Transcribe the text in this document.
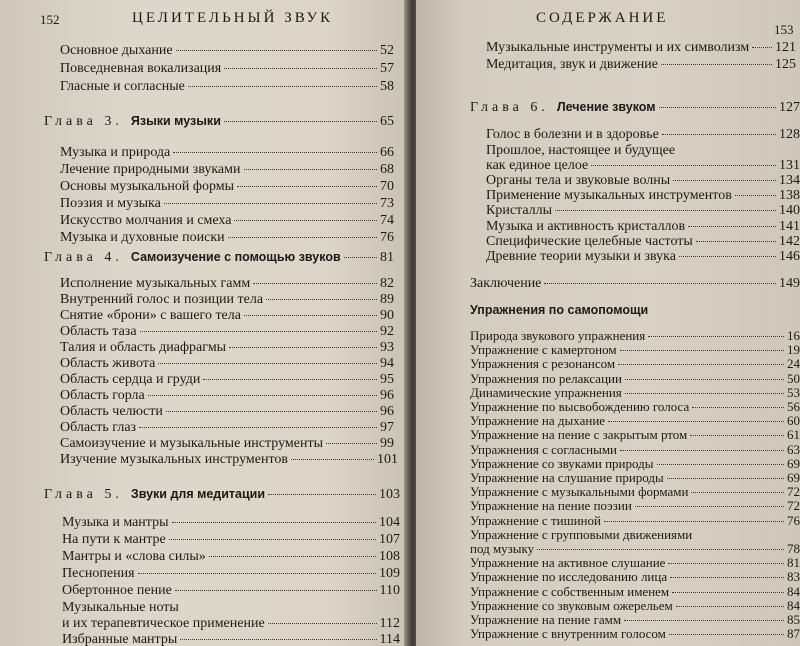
152	ЦЕЛИТЕЛЬНЫЙ ЗВУК
Основное дыхание	52
Повседневная вокализация	57
Гласные и согласные	58
Глава 3. Языки музыки	65
Музыка и природа	66
Лечение природными звуками	68
Основы музыкальной формы	70
Поэзия и музыка	73
Искусство молчания и смеха	74
Музыка и духовные поиски	76
Глава 4. Самоизучение с помощью звуков	81
Исполнение музыкальных гамм	82
Внутренний голос и позиции тела	89
Снятие «брони» с вашего тела	90
Область таза	92
Талия и область диафрагмы	93
Область живота	94
Область сердца и груди	95
Область горла	96
Область челюсти	96
Область глаз	97
Самоизучение и музыкальные инструменты	99
Изучение музыкальных инструментов	101
Глава 5. Звуки для медитации	103
Музыка и мантры	104
На пути к мантре	107
Мантры и «слова силы»	108
Песнопения	109
Обертонное пение	110
Музыкальные ноты
и их терапевтическое применение	112
Избранные мантры	114
СОДЕРЖАНИЕ
153
Музыкальные инструменты и их символизм 121
Медитация, звук и движение	125
Глава 6. Лечение звуком	127
Голос в болезни и в здоровье	128
Прошлое, настоящее и будущее
как единое целое	131
Органы тела и звуковые волны	134
Применение музыкальных инструментов	138
Кристаллы	140
Музыка и активность кристаллов	141
Специфические целебные частоты	142
Древние теории музыки и звука	146
Заключение	149
Упражнения по самопомощи
Природа звукового упражнения	16
Упражнение с камертоном	19
Упражнения с резонансом	24
Упражнения по релаксации	50
Динамические упражнения	53
Упражнение по высвобождению голоса	56
Упражнение на дыхание	60
Упражнение на пение с закрытым ртом	61
Упражнения с согласными	63
Упражнение со звуками природы	69
Упражнение на слушание природы	69
Упражнение с музыкальными формами	72
Упражнение на пение поэзии	72
Упражнение с тишиной	76
Упражнение с групповыми движениями
под музыку	78
Упражнение на активное слушание	81
Упражнение по исследованию лица	83
Упражнение с собственным именем	84
Упражнение со звуковым ожерельем	84
Упражнение на пение гамм	85
Упражнение с внутренним голосом	87
